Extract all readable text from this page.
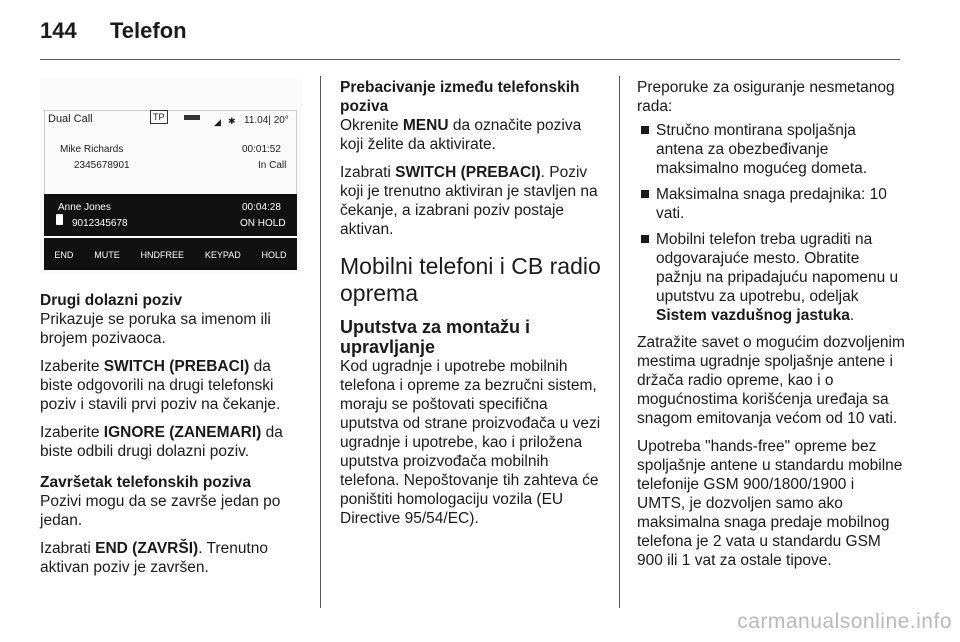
144	Telefon
Dual Call	TP	◢ ✱ 11.04| 20°
Mike Richards	00:01:52
2345678901	In Call
Anne Jones	00:04:28
9012345678	ON HOLD
END MUTE HNDFREE KEYPAD HOLD

Drugi dolazni poziv

Prikazuje se poruka sa imenom ili brojem pozivaoca.

Izaberite SWITCH (PREBACI) da biste odgovorili na drugi telefonski poziv i stavili prvi poziv na čekanje.

Izaberite IGNORE (ZANEMARI) da biste odbili drugi dolazni poziv.

Završetak telefonskih poziva

Pozivi mogu da se završe jedan po jedan.

Izabrati END (ZAVRŠI). Trenutno aktivan poziv je završen.

Prebacivanje između telefonskih poziva

Okrenite MENU da označite poziva koji želite da aktivirate.

Izabrati SWITCH (PREBACI). Poziv koji je trenutno aktiviran je stavljen na čekanje, a izabrani poziv postaje aktivan.

Mobilni telefoni i CB radio oprema
Uputstva za montažu i upravljanje

Kod ugradnje i upotrebe mobilnih telefona i opreme za bezručni sistem, moraju se poštovati specifična uputstva od strane proizvođača u vezi ugradnje i upotrebe, kao i priložena uputstva proizvođača mobilnih telefona. Nepoštovanje tih zahteva će poništiti homologaciju vozila (EU Directive 95/54/EC).

Preporuke za osiguranje nesmetanog rada:

Stručno montirana spoljašnja antena za obezbeđivanje maksimalno mogućeg dometa.
Maksimalna snaga predajnika: 10 vati.
Mobilni telefon treba ugraditi na odgovarajuće mesto. Obratite pažnju na pripadajuću napomenu u uputstvu za upotrebu, odeljak Sistem vazdušnog jastuka.

Zatražite savet o mogućim dozvoljenim mestima ugradnje spoljašnje antene i držača radio opreme, kao i o mogućnostima korišćenja uređaja sa snagom emitovanja većom od 10 vati.

Upotreba "hands-free" opreme bez spoljašnje antene u standardu mobilne telefonije GSM 900/1800/1900 i UMTS, je dozvoljen samo ako maksimalna snaga predaje mobilnog telefona je 2 vata u standardu GSM 900 ili 1 vat za ostale tipove.

carmanualsonline.info
